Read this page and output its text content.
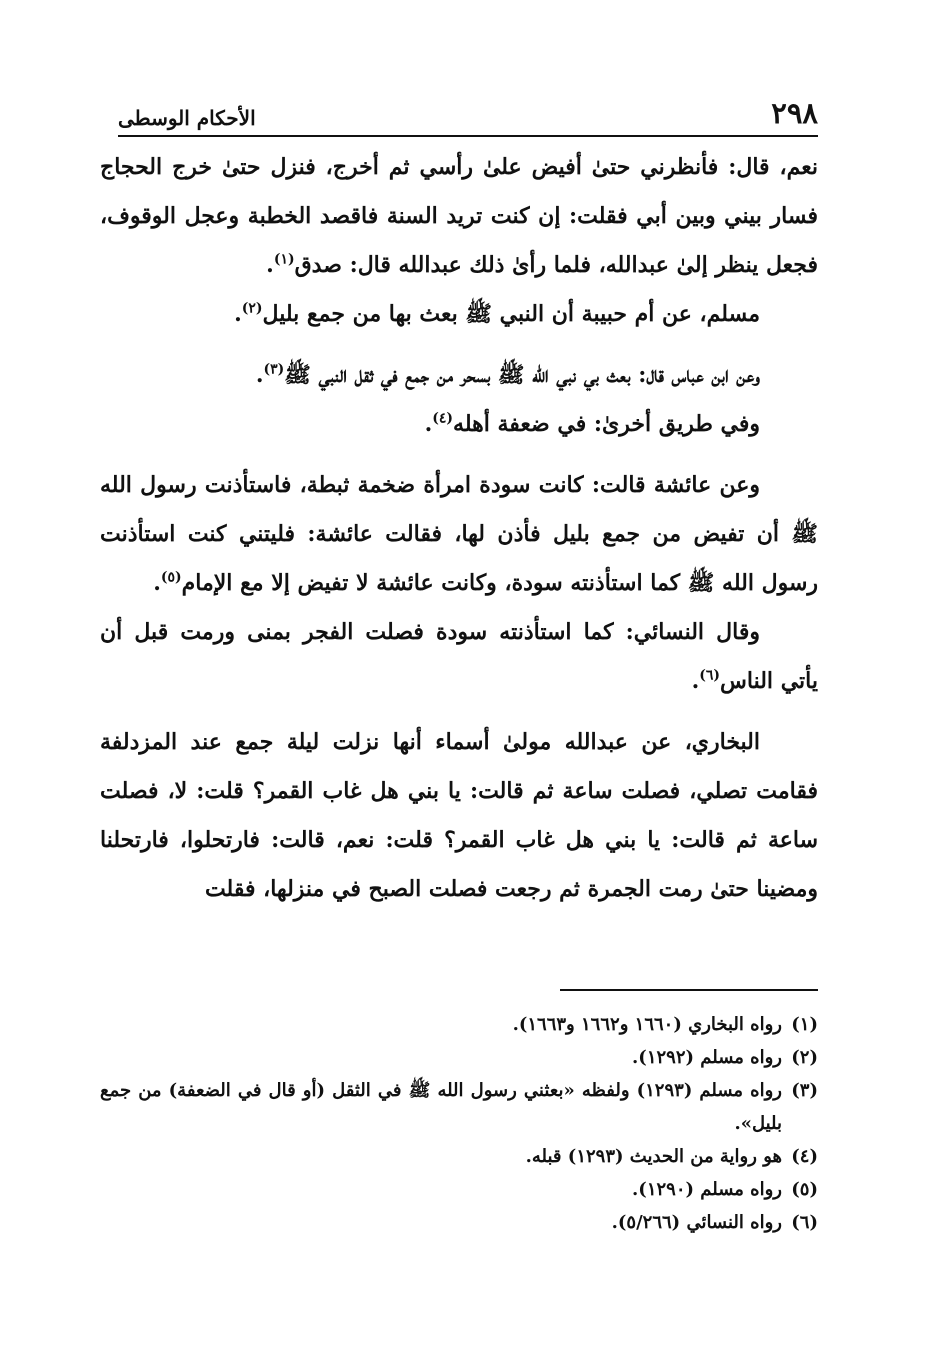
٢٩٨
الأحكام الوسطى

نعم، قال: فأنظرني حتىٰ أفيض علىٰ رأسي ثم أخرج، فنزل حتىٰ خرج الحجاج فسار بيني وبين أبي فقلت: إن كنت تريد السنة فاقصد الخطبة وعجل الوقوف، فجعل ينظر إلىٰ عبدالله، فلما رأىٰ ذلك عبدالله قال: صدق$^{(١)}$.

مسلم، عن أم حبيبة أن النبي ﷺ بعث بها من جمع بليل$^{(٢)}$.

وعن ابن عباس قال: بعث بي نبي الله ﷺ بسحر من جمع في ثقل النبي ﷺ$^{(٣)}$.

وفي طريق أخرىٰ: في ضعفة أهله$^{(٤)}$.

وعن عائشة قالت: كانت سودة امرأة ضخمة ثبطة، فاستأذنت رسول الله ﷺ أن تفيض من جمع بليل فأذن لها، فقالت عائشة: فليتني كنت استأذنت رسول الله ﷺ كما استأذنته سودة، وكانت عائشة لا تفيض إلا مع الإمام$^{(٥)}$.

وقال النسائي: كما استأذنته سودة فصلت الفجر بمنى ورمت قبل أن يأتي الناس$^{(٦)}$.

البخاري، عن عبدالله مولىٰ أسماء أنها نزلت ليلة جمع عند المزدلفة فقامت تصلي، فصلت ساعة ثم قالت: يا بني هل غاب القمر؟ قلت: لا، فصلت ساعة ثم قالت: يا بني هل غاب القمر؟ قلت: نعم، قالت: فارتحلوا، فارتحلنا ومضينا حتىٰ رمت الجمرة ثم رجعت فصلت الصبح في منزلها، فقلت

(١)
رواه البخاري (١٦٦٠ و١٦٦٢ و١٦٦٣).

(٢)
رواه مسلم (١٢٩٢).

(٣)
رواه مسلم (١٢٩٣) ولفظه «بعثني رسول الله ﷺ في الثقل (أو قال في الضعفة) من جمع بليل».

(٤)
هو رواية من الحديث (١٢٩٣) قبله.

(٥)
رواه مسلم (١٢٩٠).

(٦)
رواه النسائي (٥/٢٦٦).
